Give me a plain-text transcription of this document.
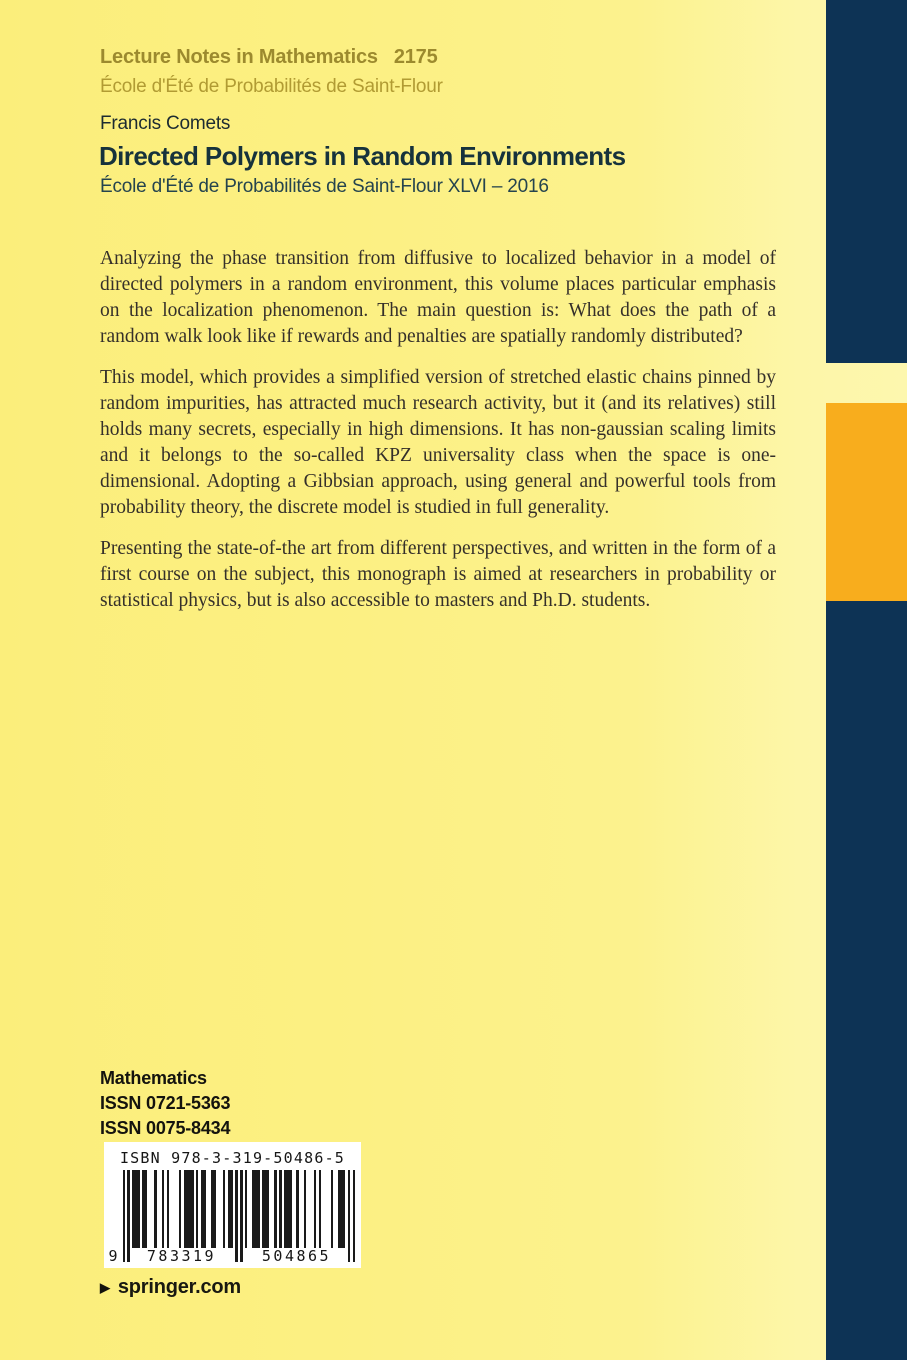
Lecture Notes in Mathematics 2175
École d'Été de Probabilités de Saint-Flour
Francis Comets
Directed Polymers in Random Environments
École d'Été de Probabilités de Saint-Flour XLVI – 2016

Analyzing the phase transition from diffusive to localized behavior in a model of directed polymers in a random environment, this volume places particular emphasis on the localization phenomenon. The main question is: What does the path of a random walk look like if rewards and penalties are spatially randomly distributed?

This model, which provides a simplified version of stretched elastic chains pinned by random impurities, has attracted much research activity, but it (and its relatives) still holds many secrets, especially in high dimensions. It has non-gaussian scaling limits and it belongs to the so-called KPZ universality class when the space is one-dimensional. Adopting a Gibbsian approach, using general and powerful tools from probability theory, the discrete model is studied in full generality.

Presenting the state-of-the art from different perspectives, and written in the form of a first course on the subject, this monograph is aimed at researchers in probability or statistical physics, but is also accessible to masters and Ph.D. students.

Mathematics
ISSN 0721-5363
ISSN 0075-8434
ISBN 978-3-319-50486-5
9 783319	504865
▶ springer.com
